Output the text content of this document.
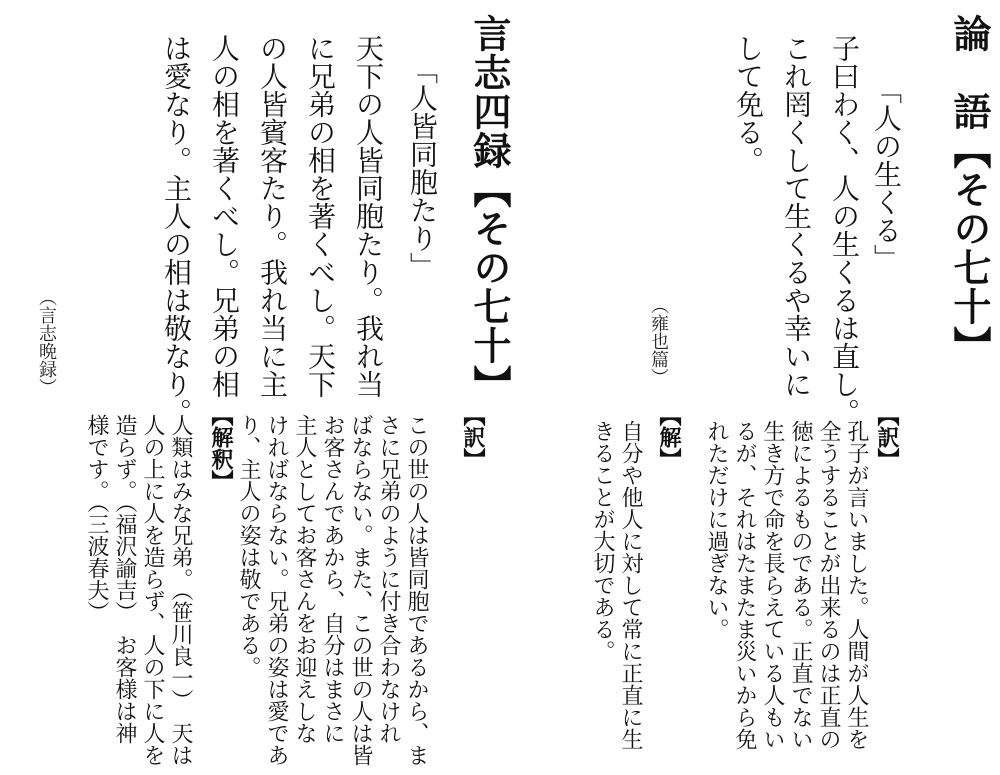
論　語【その七十】
「人の生くる」
子曰わく、人の生くるは直し。
これ罔くして生くるや幸いに
して免る。
（雍也篇）
【訳】
孔子が言いました。人間が人生を
全うすることが出来るのは正直の
徳によるものである。正直でない
生き方で命を長らえている人もい
るが、それはたまたま災いから免
れただけに過ぎない。
【解】
自分や他人に対して常に正直に生
きることが大切である。
言志四録【その七十】
「人皆同胞たり」
天下の人皆同胞たり。我れ当
に兄弟の相を著くべし。天下
の人皆賓客たり。我れ当に主
人の相を著くべし。兄弟の相
は愛なり。主人の相は敬なり。
（言志晩録）
【訳】
この世の人は皆同胞であるから、ま
さに兄弟のように付き合わなけれ
ばならない。また、この世の人は皆
お客さんであから、自分はまさに
主人としてお客さんをお迎えしな
ければならない。兄弟の姿は愛であ
り、主人の姿は敬である。
【解釈】
人類はみな兄弟。（笹川良一）　天は
人の上に人を造らず、人の下に人を
造らず。（福沢諭吉）　お客様は神
様です。（三波春夫）
